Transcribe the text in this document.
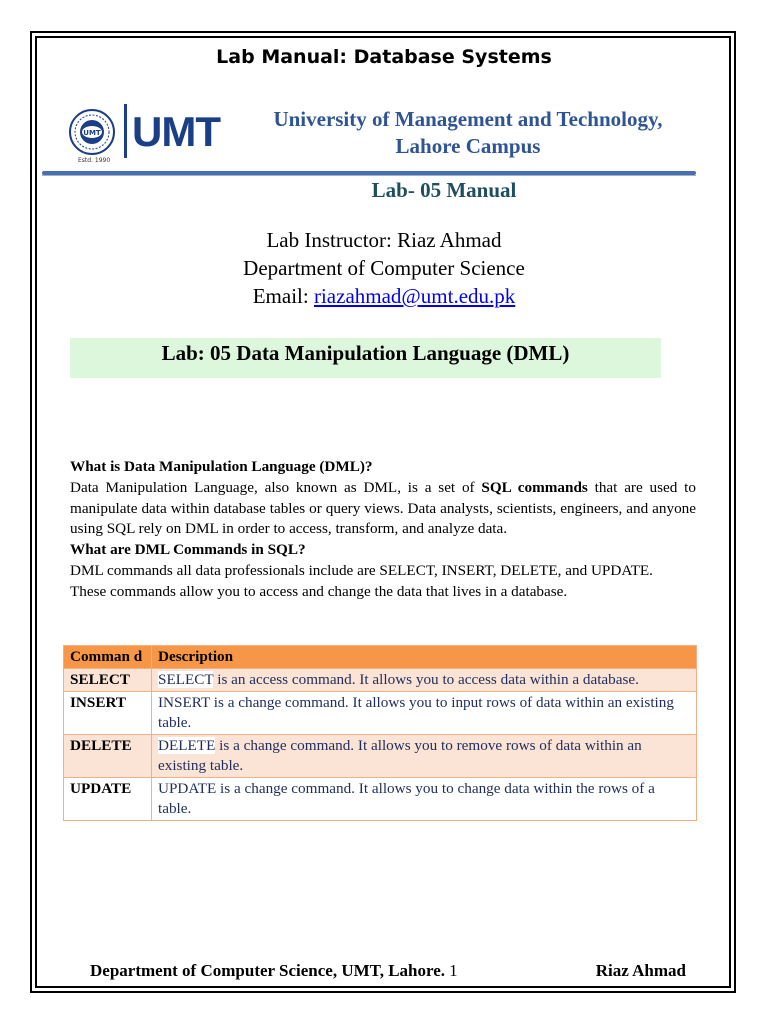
Lab Manual: Database Systems
UMT
Estd. 1990
UMT	University of Management and Technology,
Lahore Campus
Lab- 05 Manual
Lab Instructor: Riaz Ahmad
Department of Computer Science
Email: riazahmad@umt.edu.pk
Lab: 05 Data Manipulation Language (DML)

What is Data Manipulation Language (DML)?

Data Manipulation Language, also known as DML, is a set of SQL commands that are used to manipulate data within database tables or query views. Data analysts, scientists, engineers, and anyone using SQL rely on DML in order to access, transform, and analyze data.

What are DML Commands in SQL?

DML commands all data professionals include are SELECT, INSERT, DELETE, and UPDATE.

These commands allow you to access and change the data that lives in a database.

Comman d	Description
SELECT	SELECT is an access command. It allows you to access data within a database.
INSERT	INSERT is a change command. It allows you to input rows of data within an existing table.
DELETE	DELETE is a change command. It allows you to remove rows of data within an existing table.
UPDATE	UPDATE is a change command. It allows you to change data within the rows of a table.
Department of Computer Science, UMT, Lahore. 1	Riaz Ahmad
